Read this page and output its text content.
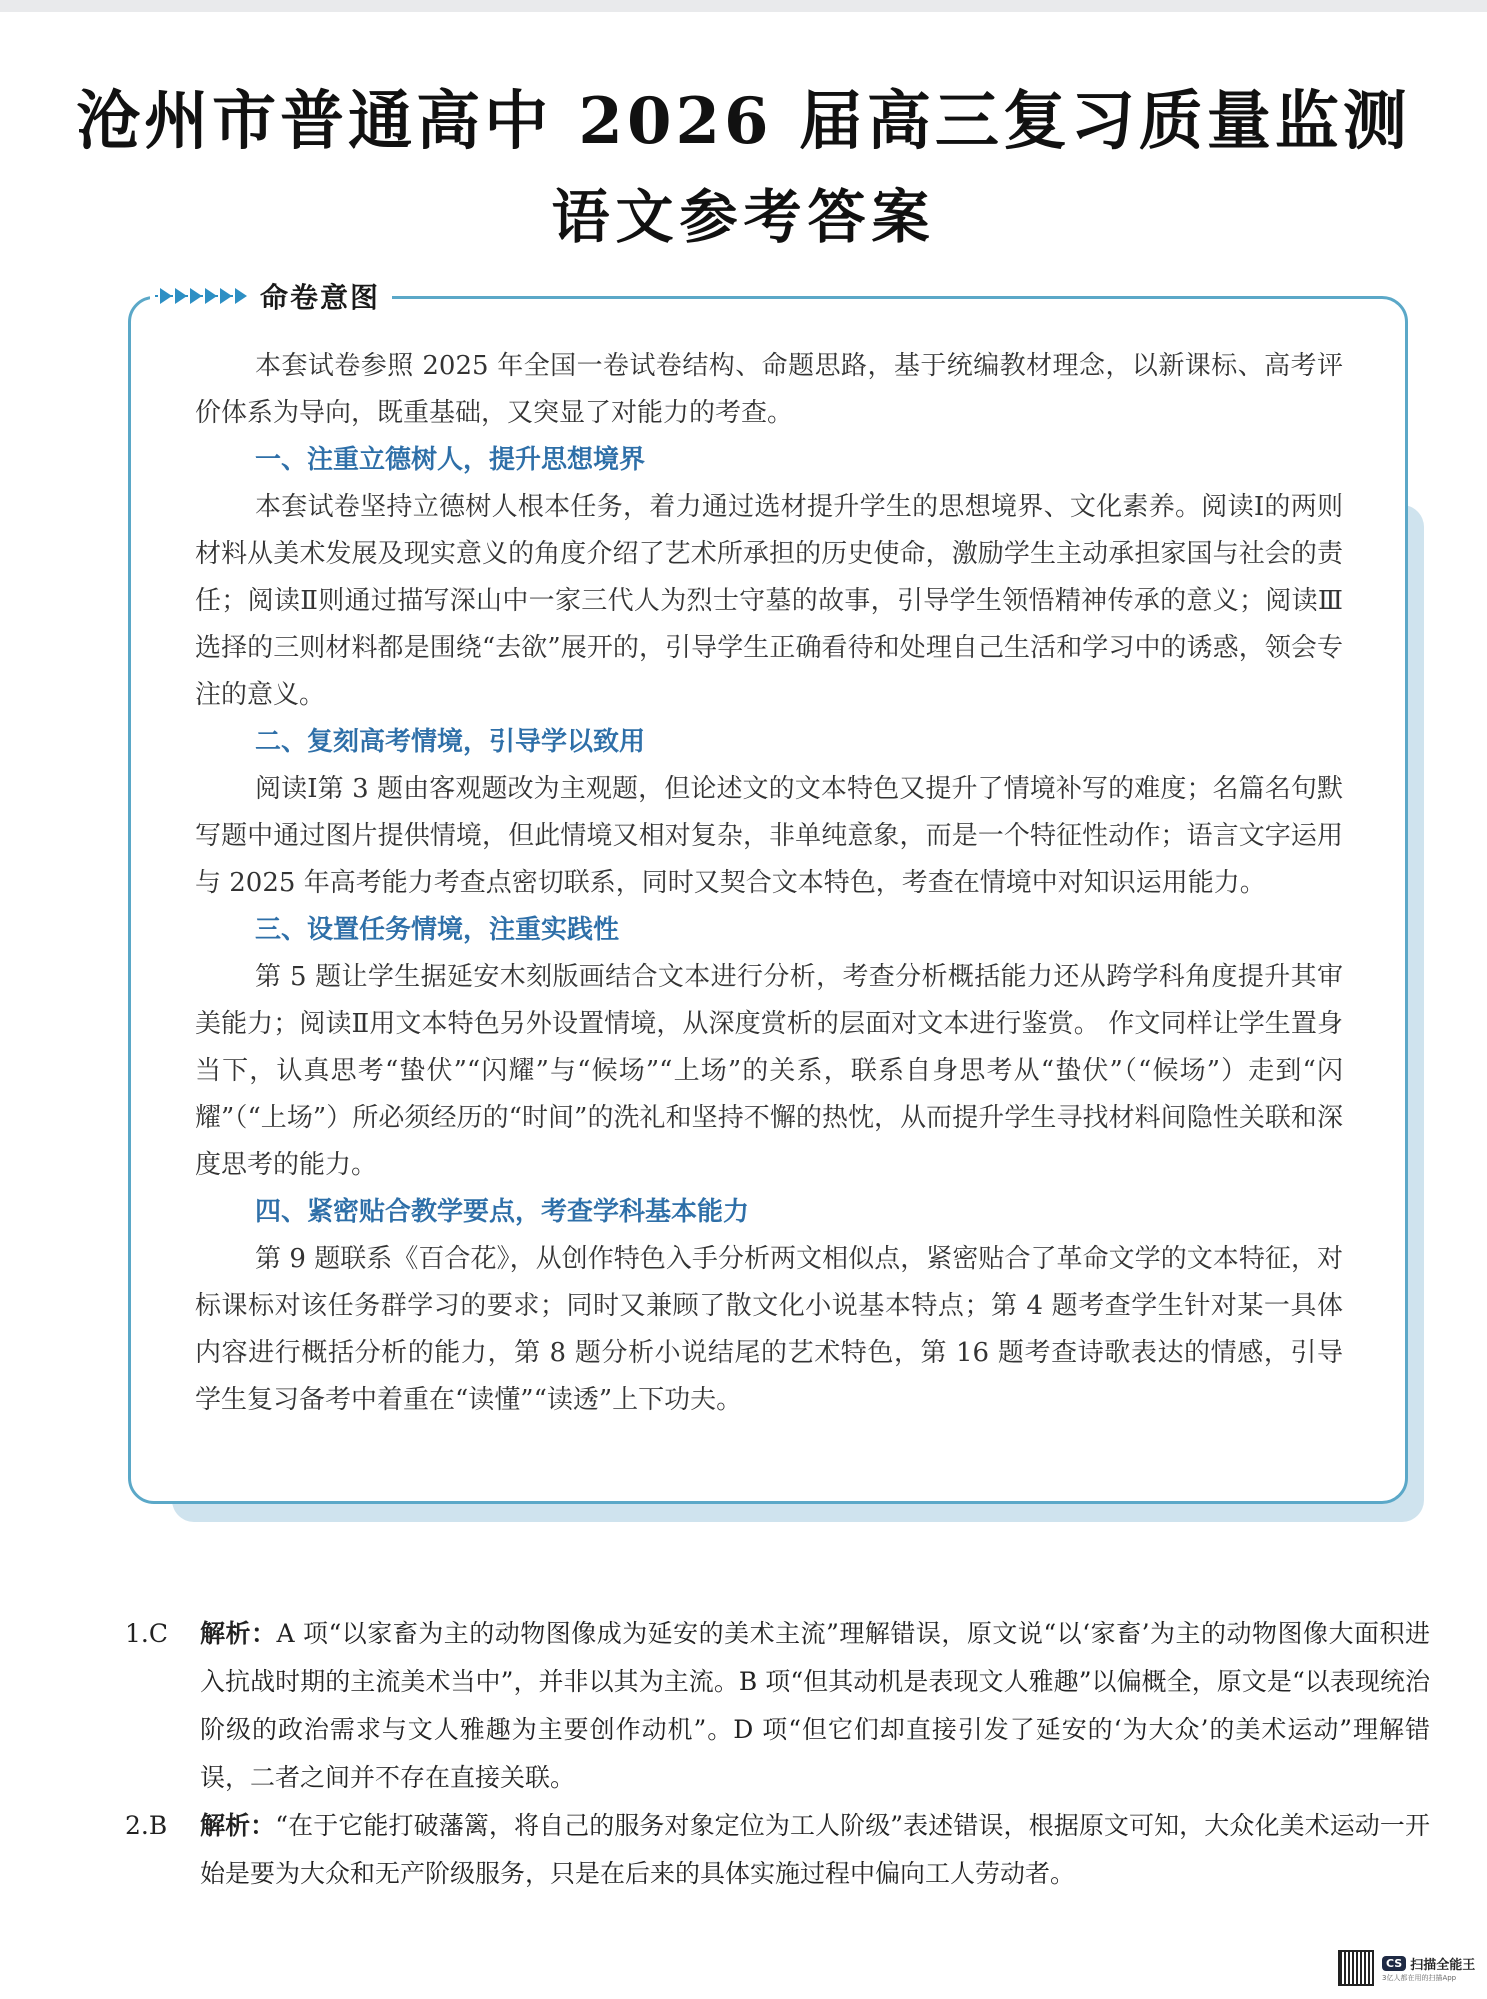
沧州市普通高中 2026 届高三复习质量监测
语文参考答案
命卷意图

本套试卷参照 2025 年全国一卷试卷结构、命题思路，基于统编教材理念，以新课标、高考评价体系为导向，既重基础，又突显了对能力的考查。

一、注重立德树人，提升思想境界

本套试卷坚持立德树人根本任务，着力通过选材提升学生的思想境界、文化素养。阅读Ⅰ的两则材料从美术发展及现实意义的角度介绍了艺术所承担的历史使命，激励学生主动承担家国与社会的责任；阅读Ⅱ则通过描写深山中一家三代人为烈士守墓的故事，引导学生领悟精神传承的意义；阅读Ⅲ选择的三则材料都是围绕“去欲”展开的，引导学生正确看待和处理自己生活和学习中的诱惑，领会专注的意义。

二、复刻高考情境，引导学以致用

阅读Ⅰ第 3 题由客观题改为主观题，但论述文的文本特色又提升了情境补写的难度；名篇名句默写题中通过图片提供情境，但此情境又相对复杂，非单纯意象，而是一个特征性动作；语言文字运用与 2025 年高考能力考查点密切联系，同时又契合文本特色，考查在情境中对知识运用能力。

三、设置任务情境，注重实践性

第 5 题让学生据延安木刻版画结合文本进行分析，考查分析概括能力还从跨学科角度提升其审美能力；阅读Ⅱ用文本特色另外设置情境，从深度赏析的层面对文本进行鉴赏。 作文同样让学生置身当下，认真思考“蛰伏”“闪耀”与“候场”“上场”的关系，联系自身思考从“蛰伏”（“候场”）走到“闪耀”（“上场”）所必须经历的“时间”的洗礼和坚持不懈的热忱，从而提升学生寻找材料间隐性关联和深度思考的能力。

四、紧密贴合教学要点，考查学科基本能力

第 9 题联系《百合花》，从创作特色入手分析两文相似点，紧密贴合了革命文学的文本特征，对标课标对该任务群学习的要求；同时又兼顾了散文化小说基本特点；第 4 题考查学生针对某一具体内容进行概括分析的能力，第 8 题分析小说结尾的艺术特色，第 16 题考查诗歌表达的情感，引导学生复习备考中着重在“读懂”“读透”上下功夫。

1.C	解析：A 项“以家畜为主的动物图像成为延安的美术主流”理解错误，原文说“以‘家畜’为主的动物图像大面积进入抗战时期的主流美术当中”，并非以其为主流。B 项“但其动机是表现文人雅趣”以偏概全，原文是“以表现统治阶级的政治需求与文人雅趣为主要创作动机”。D 项“但它们却直接引发了延安的‘为大众’的美术运动”理解错误，二者之间并不存在直接关联。
2.B	解析：“在于它能打破藩篱，将自己的服务对象定位为工人阶级”表述错误，根据原文可知，大众化美术运动一开始是要为大众和无产阶级服务，只是在后来的具体实施过程中偏向工人劳动者。
CS 扫描全能王
3亿人都在用的扫描App
